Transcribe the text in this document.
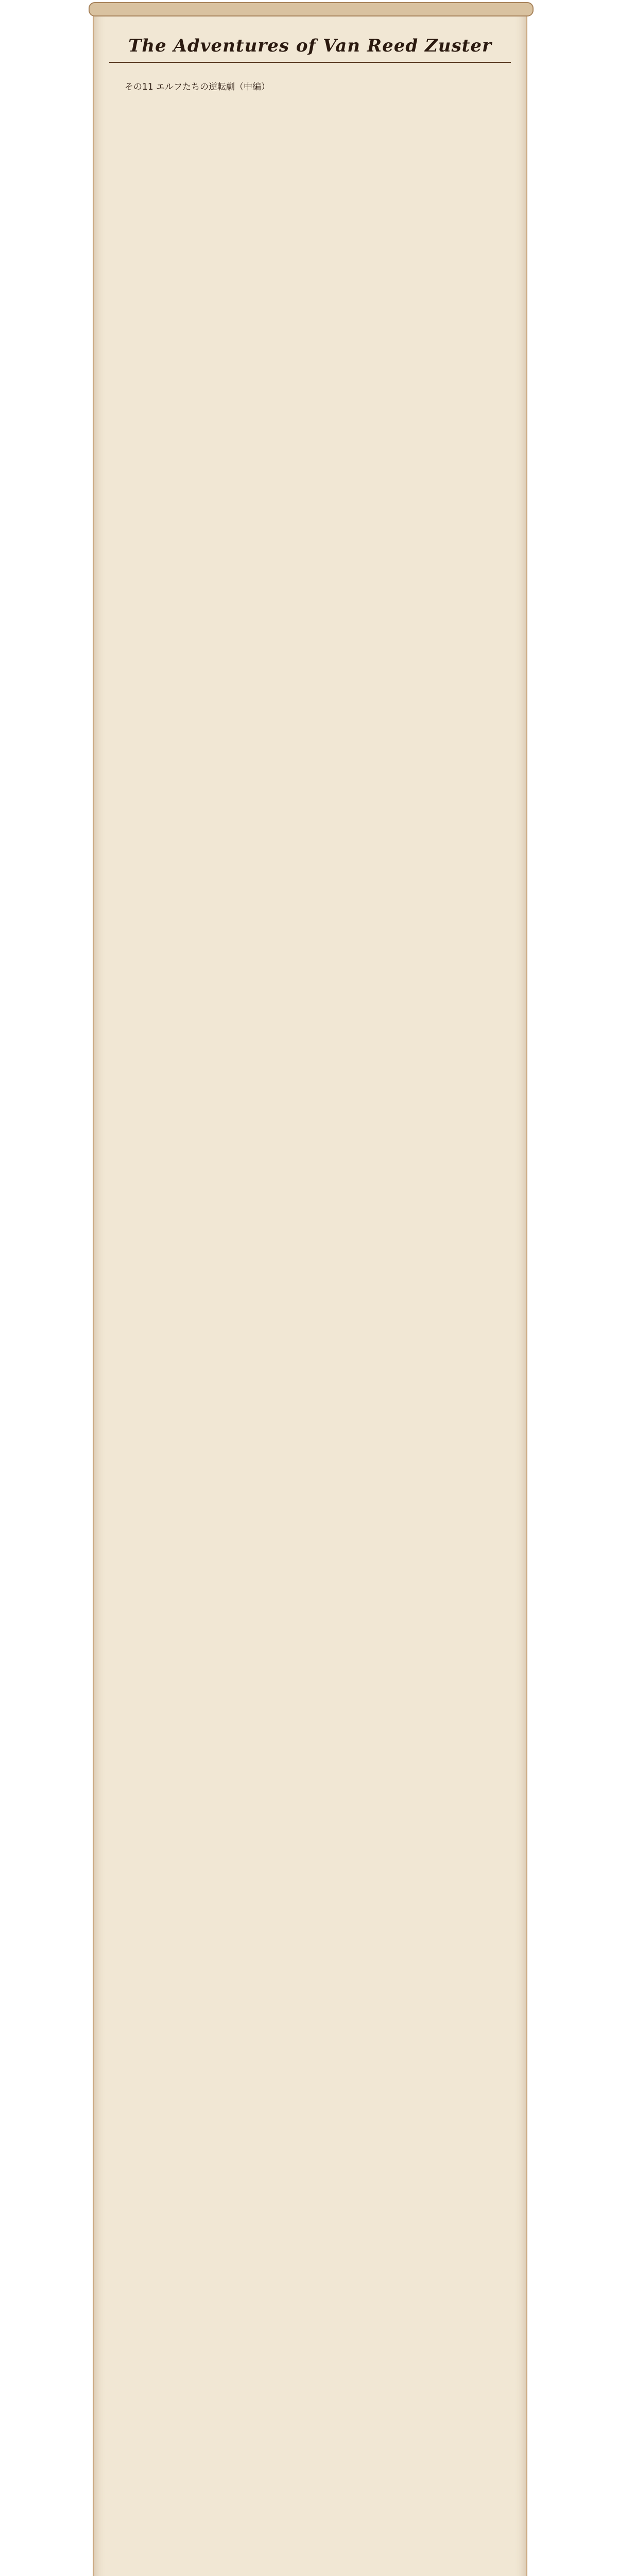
The Adventures of Van Reed Zuster
その11 エルフたちの逆転劇（中編）
